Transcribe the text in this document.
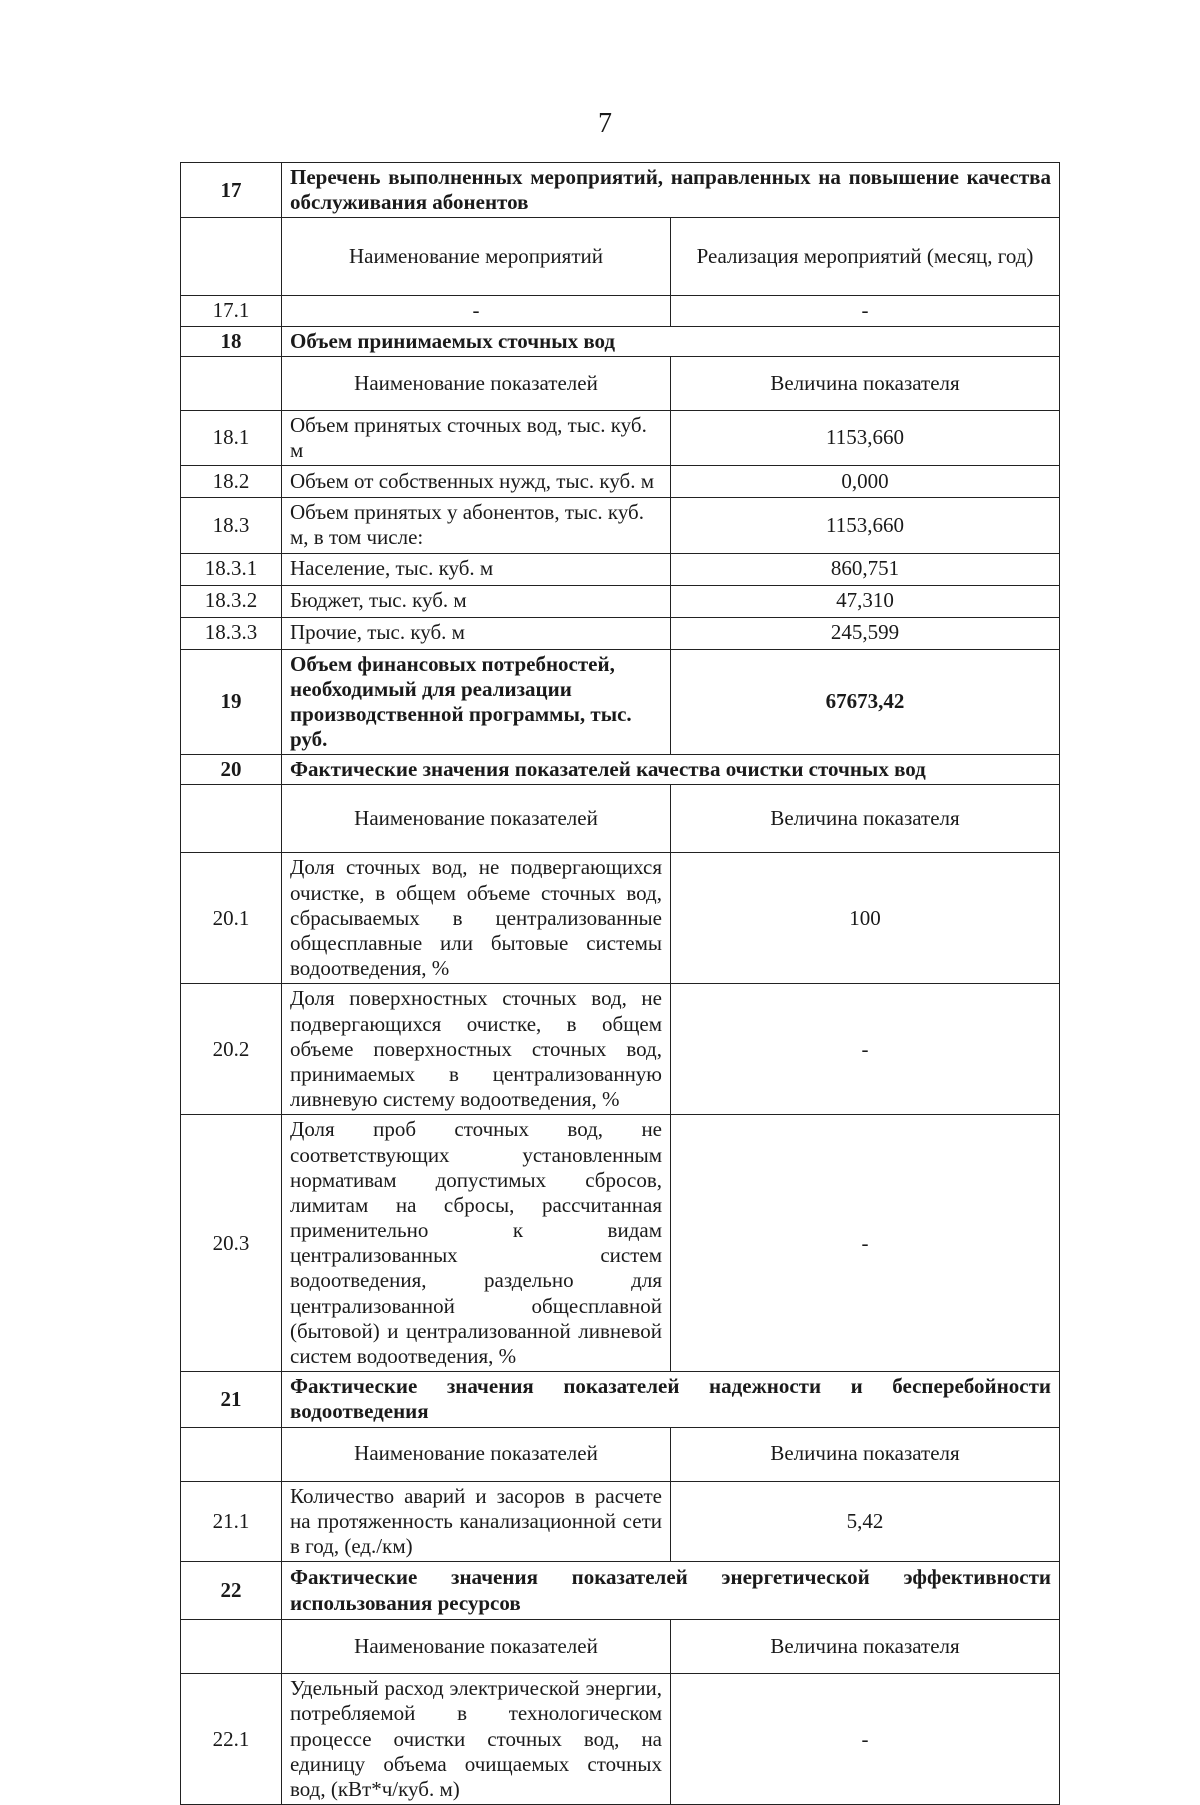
7
17	Перечень выполненных мероприятий, направленных на повышение качества обслуживания абонентов	
	Наименование мероприятий	Реализация мероприятий (месяц, год)
17.1	-	-
18	Объем принимаемых сточных вод	
	Наименование показателей	Величина показателя
18.1	Объем принятых сточных вод, тыс. куб. м	1153,660
18.2	Объем от собственных нужд, тыс. куб. м	0,000
18.3	Объем принятых у абонентов, тыс. куб. м, в том числе:	1153,660
18.3.1	Население, тыс. куб. м	860,751
18.3.2	Бюджет, тыс. куб. м	47,310
18.3.3	Прочие, тыс. куб. м	245,599
19	Объем финансовых потребностей, необходимый для реализации производственной программы, тыс. руб.	67673,42
20	Фактические значения показателей качества очистки сточных вод	
	Наименование показателей	Величина показателя
20.1	Доля сточных вод, не подвергающихся очистке, в общем объеме сточных вод, сбрасываемых в централизованные общесплавные или бытовые системы водоотведения, %	100
20.2	Доля поверхностных сточных вод, не подвергающихся очистке, в общем объеме поверхностных сточных вод, принимаемых в централизованную ливневую систему водоотведения, %	-
20.3	Доля проб сточных вод, не соответствующих установленным нормативам допустимых сбросов, лимитам на сбросы, рассчитанная применительно к видам централизованных систем водоотведения, раздельно для централизованной общесплавной (бытовой) и централизованной ливневой систем водоотведения, %	-
21	Фактические значения показателей надежности и бесперебойности водоотведения	
	Наименование показателей	Величина показателя
21.1	Количество аварий и засоров в расчете на протяженность канализационной сети в год, (ед./км)	5,42
22	Фактические значения показателей энергетической эффективности использования ресурсов	
	Наименование показателей	Величина показателя
22.1	Удельный расход электрической энергии, потребляемой в технологическом процессе очистки сточных вод, на единицу объема очищаемых сточных вод, (кВт*ч/куб. м)	-
